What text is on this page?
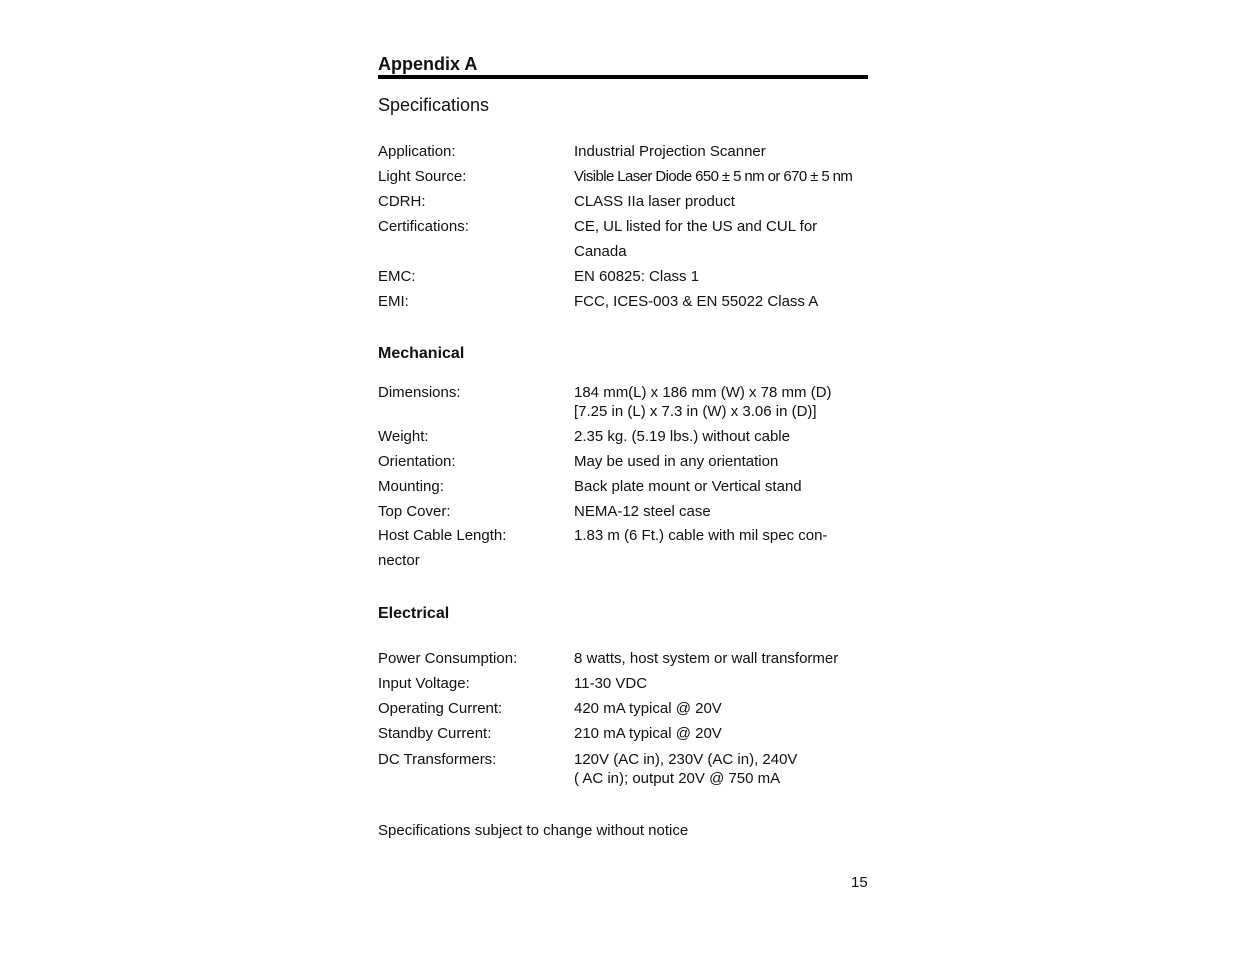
Appendix A
Specifications
Application:	Industrial Projection Scanner
Light Source:	Visible Laser Diode 650 ± 5 nm or 670 ± 5 nm
CDRH:	CLASS IIa laser product
Certifications:	CE, UL listed for the US and CUL for
Canada
EMC:	EN 60825: Class 1
EMI:	FCC, ICES-003 & EN 55022 Class A
Mechanical
Dimensions:	184 mm(L) x 186 mm (W) x 78 mm (D)
[7.25 in (L) x 7.3 in (W) x 3.06 in (D)]
Weight:	2.35 kg. (5.19 lbs.) without cable
Orientation:	May be used in any orientation
Mounting:	Back plate mount or Vertical stand
Top Cover:	NEMA-12 steel case
Host Cable Length:	1.83 m (6 Ft.) cable with mil spec con-
nector
Electrical
Power Consumption:	8 watts, host system or wall transformer
Input Voltage:	11-30 VDC
Operating Current:	420 mA typical @ 20V
Standby Current:	210 mA typical @ 20V
DC Transformers:	120V (AC in), 230V (AC in), 240V
( AC in); output 20V @ 750 mA
Specifications subject to change without notice
15
